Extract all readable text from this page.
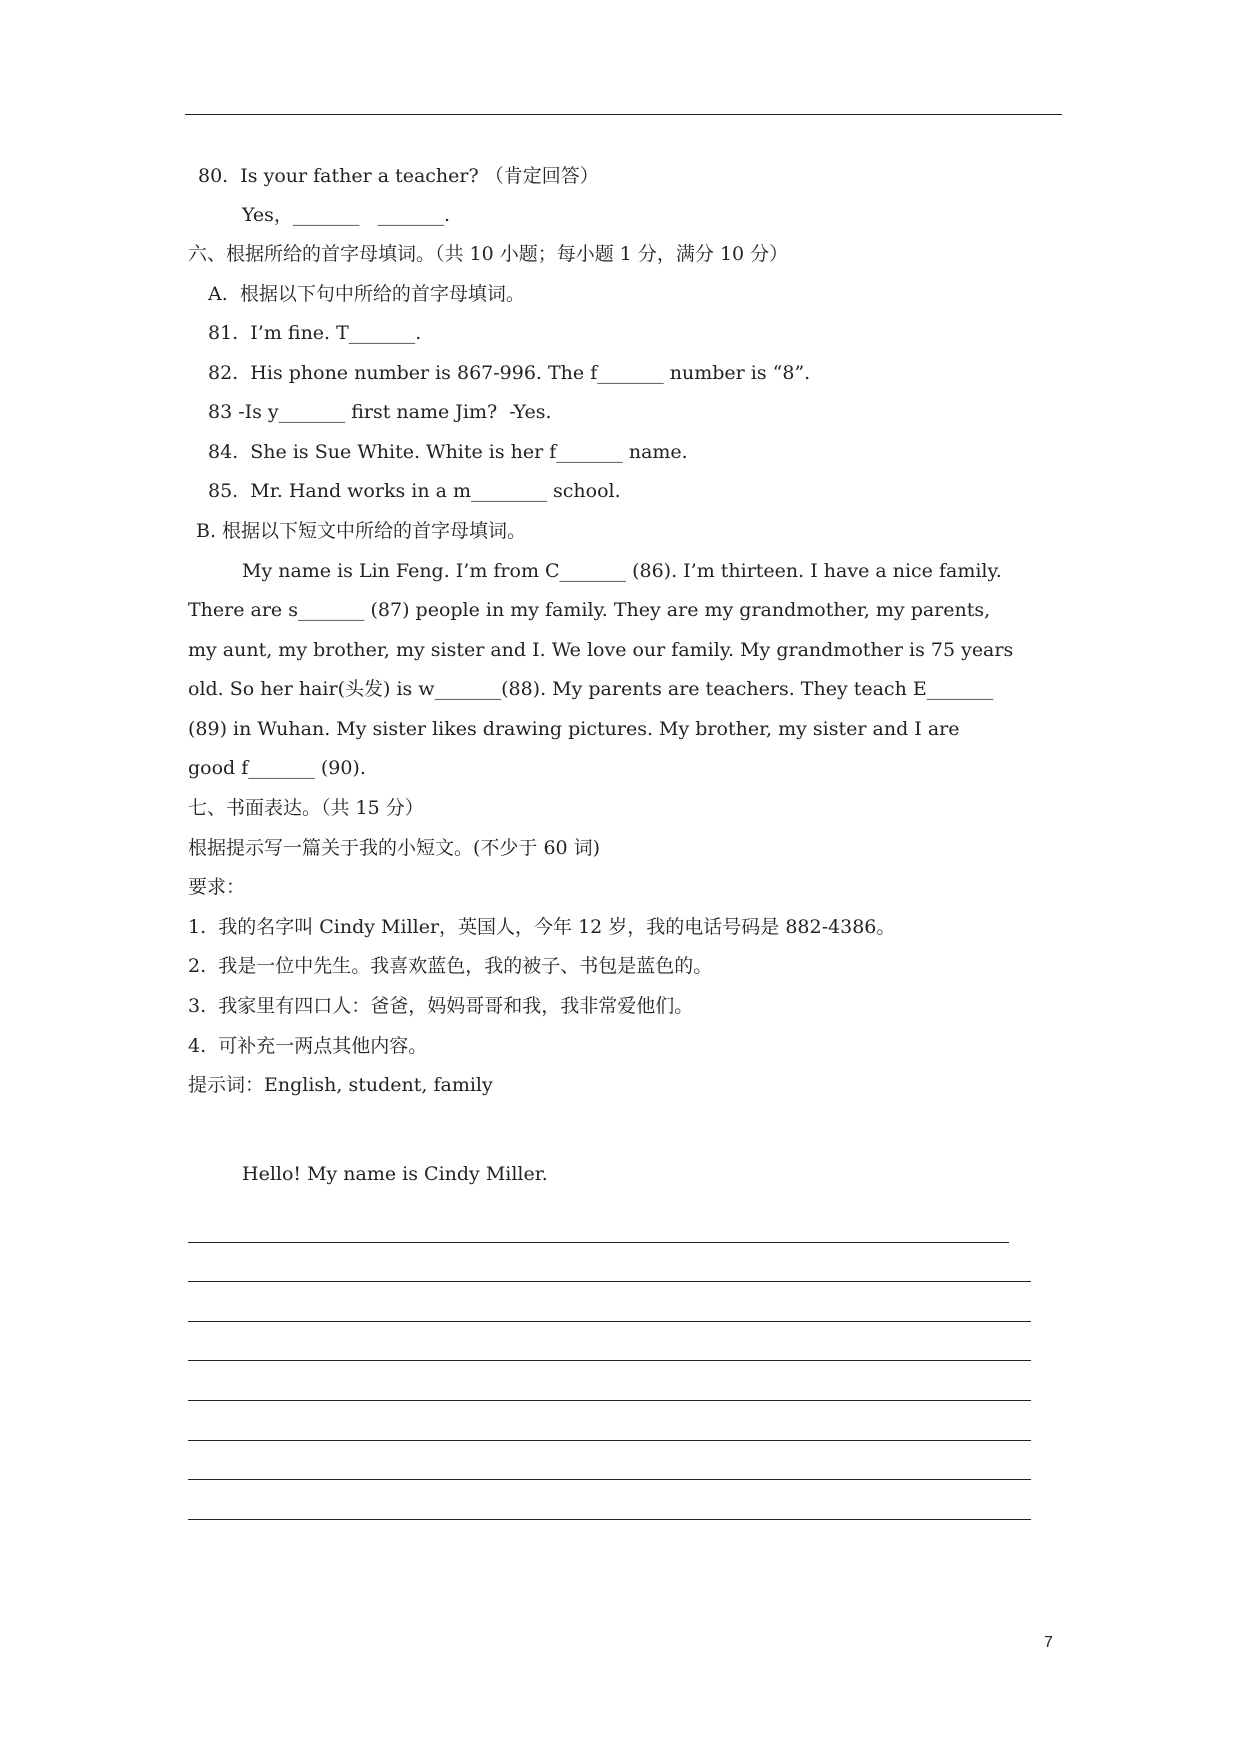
80.  Is your father a teacher? （肯定回答）
Yes，_______   _______.
六、根据所给的首字母填词。（共 10 小题；每小题 1 分，满分 10 分）
A.  根据以下句中所给的首字母填词。
81.  I’m fine. T_______.
82.  His phone number is 867-996. The f_______ number is “8”.
83 -Is y_______ first name Jim?  -Yes.
84.  She is Sue White. White is her f_______ name.
85.  Mr. Hand works in a m________ school.
B. 根据以下短文中所给的首字母填词。
My name is Lin Feng. I’m from C_______ (86). I’m thirteen. I have a nice family.
There are s_______ (87) people in my family. They are my grandmother, my parents,
my aunt, my brother, my sister and I. We love our family. My grandmother is 75 years
old. So her hair(头发) is w_______(88). My parents are teachers. They teach E_______
(89) in Wuhan. My sister likes drawing pictures. My brother, my sister and I are
good f_______ (90).
七、书面表达。（共 15 分）
根据提示写一篇关于我的小短文。(不少于 60 词)
要求：
1.  我的名字叫 Cindy Miller，英国人，今年 12 岁，我的电话号码是 882-4386。
2.  我是一位中先生。我喜欢蓝色，我的被子、书包是蓝色的。
3.  我家里有四口人：爸爸，妈妈哥哥和我，我非常爱他们。
4.  可补充一两点其他内容。
提示词：English, student, family
Hello! My name is Cindy Miller.
7
